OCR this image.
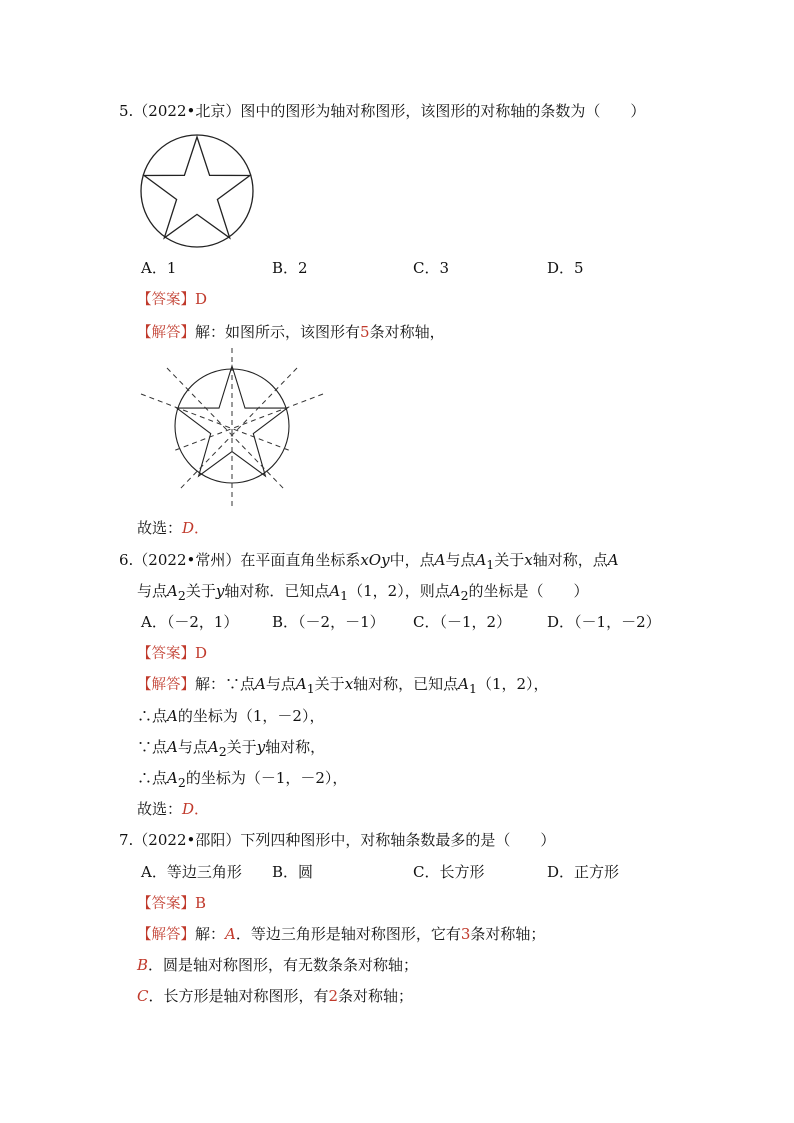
5.（2022•北京）图中的图形为轴对称图形，该图形的对称轴的条数为（　　）
A．1	B．2	C．3	D．5
【答案】D
【解答】解：如图所示，该图形有5条对称轴，
故选：D．
6.（2022•常州）在平面直角坐标系xOy中，点A与点$A_1$关于x轴对称，点A
与点$A_2$关于y轴对称．已知点$A_1(1$，2），则点$A_2$的坐标是（　　）
A．（－2，1） B．（－2，－1） C．（－1，2） D．（－1，－2）
【答案】D
【解答】解：∵点A与点$A_1$关于x轴对称，已知点$A_1(1$，2），
∴点A的坐标为（1，－2），
∵点A与点$A_2$关于y轴对称，
∴点$A_2$的坐标为（－1，－2），
故选：D．
7.（2022•邵阳）下列四种图形中，对称轴条数最多的是（　　）
A．等边三角形 B．圆	C．长方形	D．正方形
【答案】B
【解答】解：A．等边三角形是轴对称图形，它有3条对称轴；
B．圆是轴对称图形，有无数条条对称轴；
C．长方形是轴对称图形，有2条对称轴；
